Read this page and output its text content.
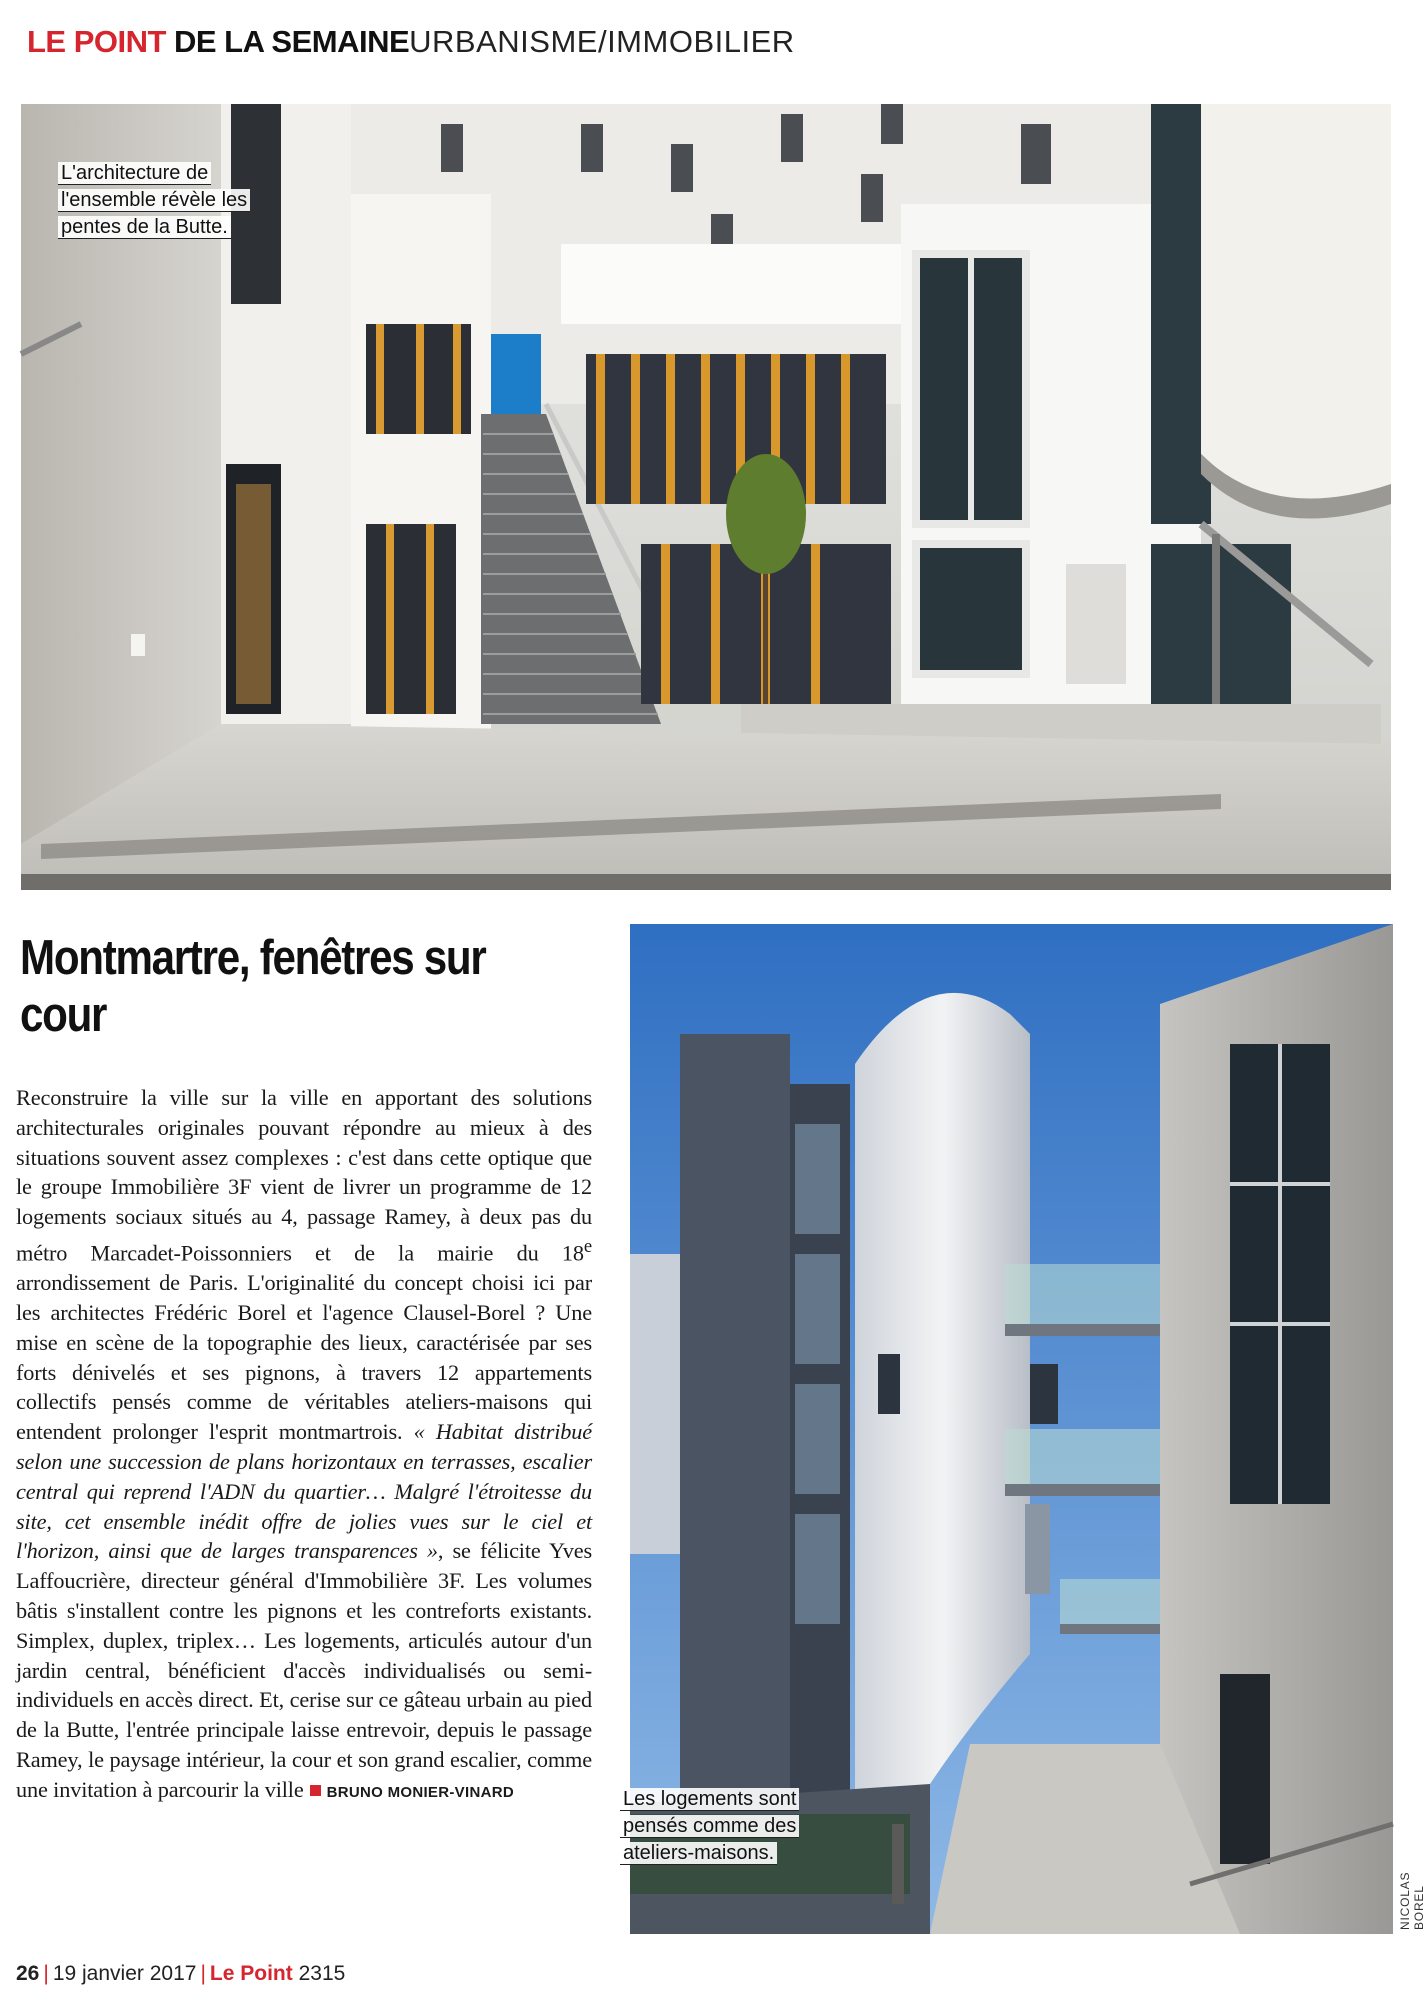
LE POINT DE LA SEMAINEURBANISME/IMMOBILIER
L'architecture de l'ensemble révèle les pentes de la Butte.
Montmartre, fenêtres sur cour

Reconstruire la ville sur la ville en apportant des solutions architecturales originales pouvant répondre au mieux à des situations souvent assez complexes : c'est dans cette optique que le groupe Immobilière 3F vient de livrer un programme de 12 logements sociaux situés au 4, passage Ramey, à deux pas du métro Marcadet-Poissonniers et de la mairie du 18e arrondissement de Paris. L'originalité du concept choisi ici par les architectes Frédéric Borel et l'agence Clausel-Borel ? Une mise en scène de la topographie des lieux, caractérisée par ses forts dénivelés et ses pignons, à travers 12 appartements collectifs pensés comme de véritables ateliers-maisons qui entendent prolonger l'esprit montmartrois. « Habitat distribué selon une succession de plans horizontaux en terrasses, escalier central qui reprend l'ADN du quartier… Malgré l'étroitesse du site, cet ensemble inédit offre de jolies vues sur le ciel et l'horizon, ainsi que de larges transparences », se félicite Yves Laffoucrière, directeur général d'Immobilière 3F. Les volumes bâtis s'installent contre les pignons et les contreforts existants. Simplex, duplex, triplex… Les logements, articulés autour d'un jardin central, bénéficient d'accès individualisés ou semi-individuels en accès direct. Et, cerise sur ce gâteau urbain au pied de la Butte, l'entrée principale laisse entrevoir, depuis le passage Ramey, le paysage intérieur, la cour et son grand escalier, comme une invitation à parcourir la ville BRUNO MONIER-VINARD	Les logements sont pensés comme des ateliers-maisons.
NICOLAS BOREL
26 | 19 janvier 2017 | Le Point 2315
